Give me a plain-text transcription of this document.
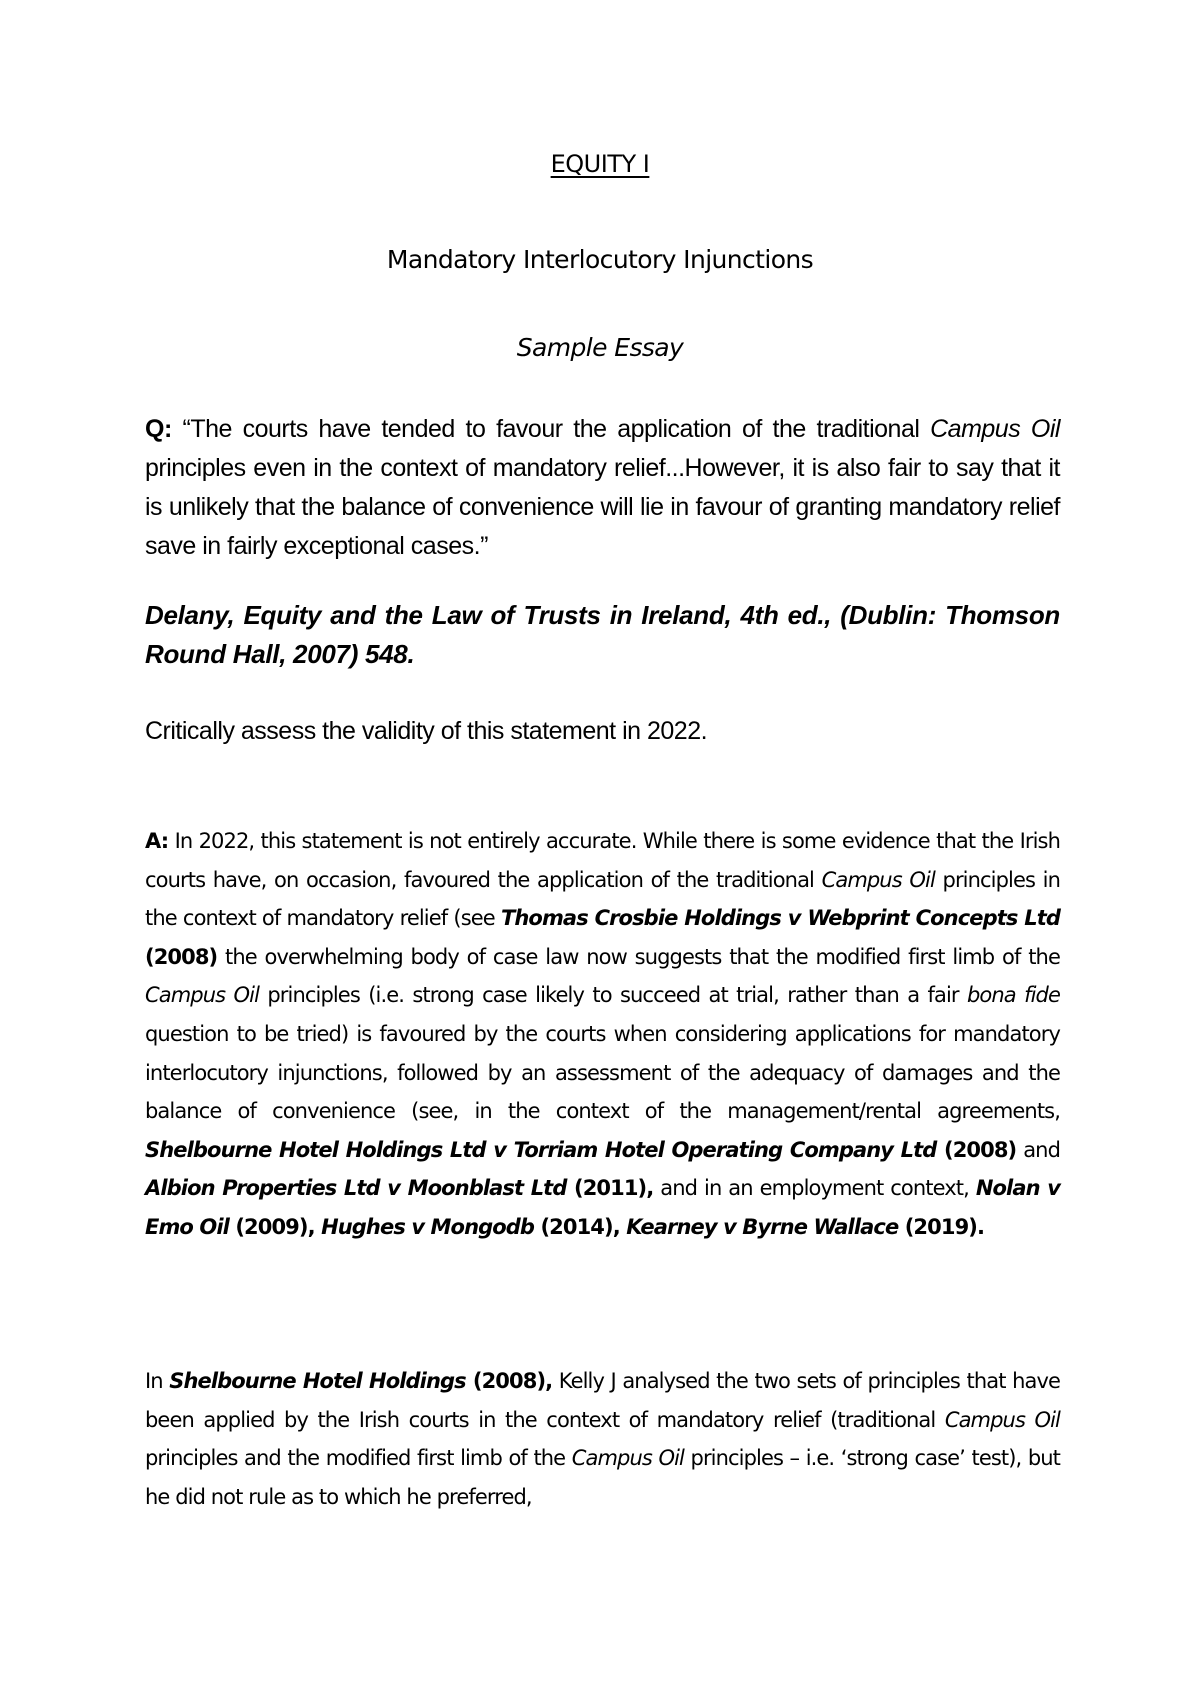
EQUITY I
Mandatory Interlocutory Injunctions
Sample Essay
Q: “The courts have tended to favour the application of the traditional Campus Oil principles even in the context of mandatory relief...However, it is also fair to say that it is unlikely that the balance of convenience will lie in favour of granting mandatory relief save in fairly exceptional cases.”
Delany, Equity and the Law of Trusts in Ireland, 4th ed., (Dublin: Thomson Round Hall, 2007) 548.
Critically assess the validity of this statement in 2022.
A: In 2022, this statement is not entirely accurate. While there is some evidence that the Irish courts have, on occasion, favoured the application of the traditional Campus Oil principles in the context of mandatory relief (see Thomas Crosbie Holdings v Webprint Concepts Ltd (2008) the overwhelming body of case law now suggests that the modified first limb of the Campus Oil principles (i.e. strong case likely to succeed at trial, rather than a fair bona fide question to be tried) is favoured by the courts when considering applications for mandatory interlocutory injunctions, followed by an assessment of the adequacy of damages and the balance of convenience (see, in the context of the management/rental agreements, Shelbourne Hotel Holdings Ltd v Torriam Hotel Operating Company Ltd (2008) and Albion Properties Ltd v Moonblast Ltd (2011), and in an employment context, Nolan v Emo Oil (2009), Hughes v Mongodb (2014), Kearney v Byrne Wallace (2019).
In Shelbourne Hotel Holdings (2008), Kelly J analysed the two sets of principles that have been applied by the Irish courts in the context of mandatory relief (traditional Campus Oil principles and the modified first limb of the Campus Oil principles – i.e. ‘strong case’ test), but he did not rule as to which he preferred,
